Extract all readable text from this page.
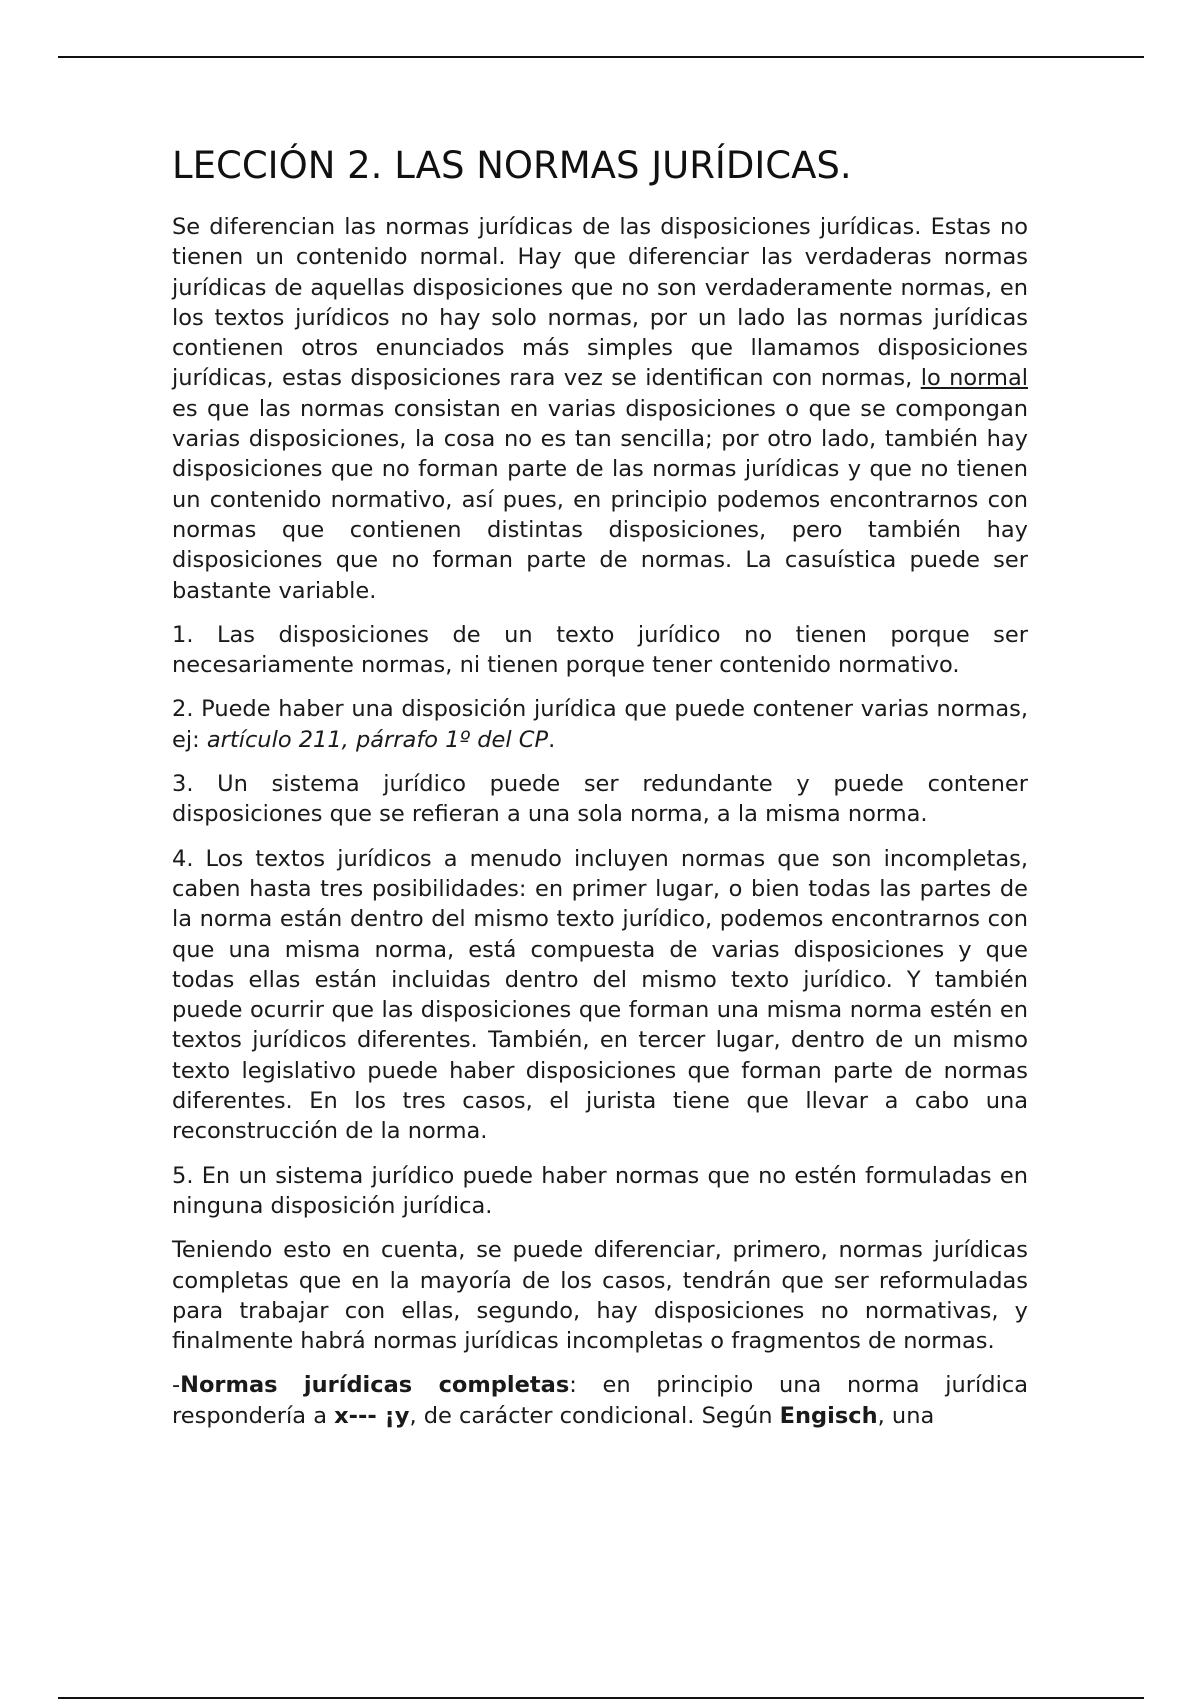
LECCIÓN 2. LAS NORMAS JURÍDICAS.

Se diferencian las normas jurídicas de las disposiciones jurídicas. Estas no tienen un contenido normal. Hay que diferenciar las verdaderas normas jurídicas de aquellas disposiciones que no son verdaderamente normas, en los textos jurídicos no hay solo normas, por un lado las normas jurídicas contienen otros enunciados más simples que llamamos disposiciones jurídicas, estas disposiciones rara vez se identifican con normas, lo normal es que las normas consistan en varias disposiciones o que se compongan varias disposiciones, la cosa no es tan sencilla; por otro lado, también hay disposiciones que no forman parte de las normas jurídicas y que no tienen un contenido normativo, así pues, en principio podemos encontrarnos con normas que contienen distintas disposiciones, pero también hay disposiciones que no forman parte de normas. La casuística puede ser bastante variable.

1. Las disposiciones de un texto jurídico no tienen porque ser necesariamente normas, ni tienen porque tener contenido normativo.

2. Puede haber una disposición jurídica que puede contener varias normas, ej: artículo 211, párrafo 1º del CP.

3. Un sistema jurídico puede ser redundante y puede contener disposiciones que se refieran a una sola norma, a la misma norma.

4. Los textos jurídicos a menudo incluyen normas que son incompletas, caben hasta tres posibilidades: en primer lugar, o bien todas las partes de la norma están dentro del mismo texto jurídico, podemos encontrarnos con que una misma norma, está compuesta de varias disposiciones y que todas ellas están incluidas dentro del mismo texto jurídico. Y también puede ocurrir que las disposiciones que forman una misma norma estén en textos jurídicos diferentes. También, en tercer lugar, dentro de un mismo texto legislativo puede haber disposiciones que forman parte de normas diferentes. En los tres casos, el jurista tiene que llevar a cabo una reconstrucción de la norma.

5. En un sistema jurídico puede haber normas que no estén formuladas en ninguna disposición jurídica.

Teniendo esto en cuenta, se puede diferenciar, primero, normas jurídicas completas que en la mayoría de los casos, tendrán que ser reformuladas para trabajar con ellas, segundo, hay disposiciones no normativas, y finalmente habrá normas jurídicas incompletas o fragmentos de normas.

-Normas jurídicas completas: en principio una norma jurídica respondería a x--- ¡y, de carácter condicional. Según Engisch, una
